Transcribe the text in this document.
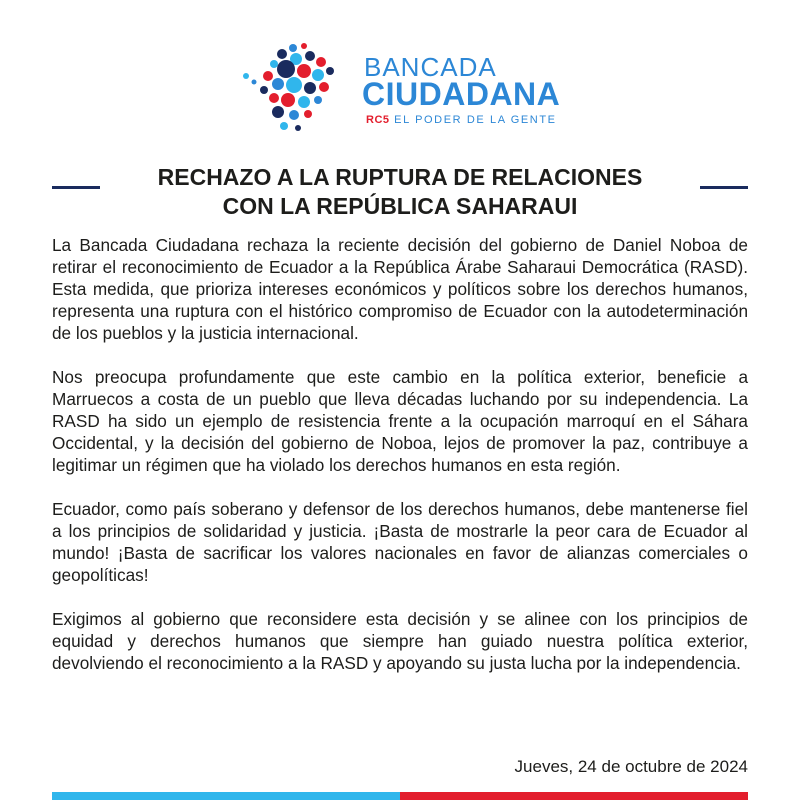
BANCADA
CIUDADANA
RC5 EL PODER DE LA GENTE
RECHAZO A LA RUPTURA DE RELACIONES
CON LA REPÚBLICA SAHARAUI

La Bancada Ciudadana rechaza la reciente decisión del gobierno de Daniel Noboa de retirar el reconocimiento de Ecuador a la República Árabe Saharaui Democrática (RASD). Esta medida, que prioriza intereses económicos y políticos sobre los derechos humanos, representa una ruptura con el histórico compromiso de Ecuador con la autodeterminación de los pueblos y la justicia internacional.

Nos preocupa profundamente que este cambio en la política exterior, beneficie a Marruecos a costa de un pueblo que lleva décadas luchando por su independencia. La RASD ha sido un ejemplo de resistencia frente a la ocupación marroquí en el Sáhara Occidental, y la decisión del gobierno de Noboa, lejos de promover la paz, contribuye a legitimar un régimen que ha violado los derechos humanos en esta región.

Ecuador, como país soberano y defensor de los derechos humanos, debe mantenerse fiel a los principios de solidaridad y justicia. ¡Basta de mostrarle la peor cara de Ecuador al mundo! ¡Basta de sacrificar los valores nacionales en favor de alianzas comerciales o geopolíticas!

Exigimos al gobierno que reconsidere esta decisión y se alinee con los principios de equidad y derechos humanos que siempre han guiado nuestra política exterior, devolviendo el reconocimiento a la RASD y apoyando su justa lucha por la independencia.

Jueves, 24 de octubre de 2024
